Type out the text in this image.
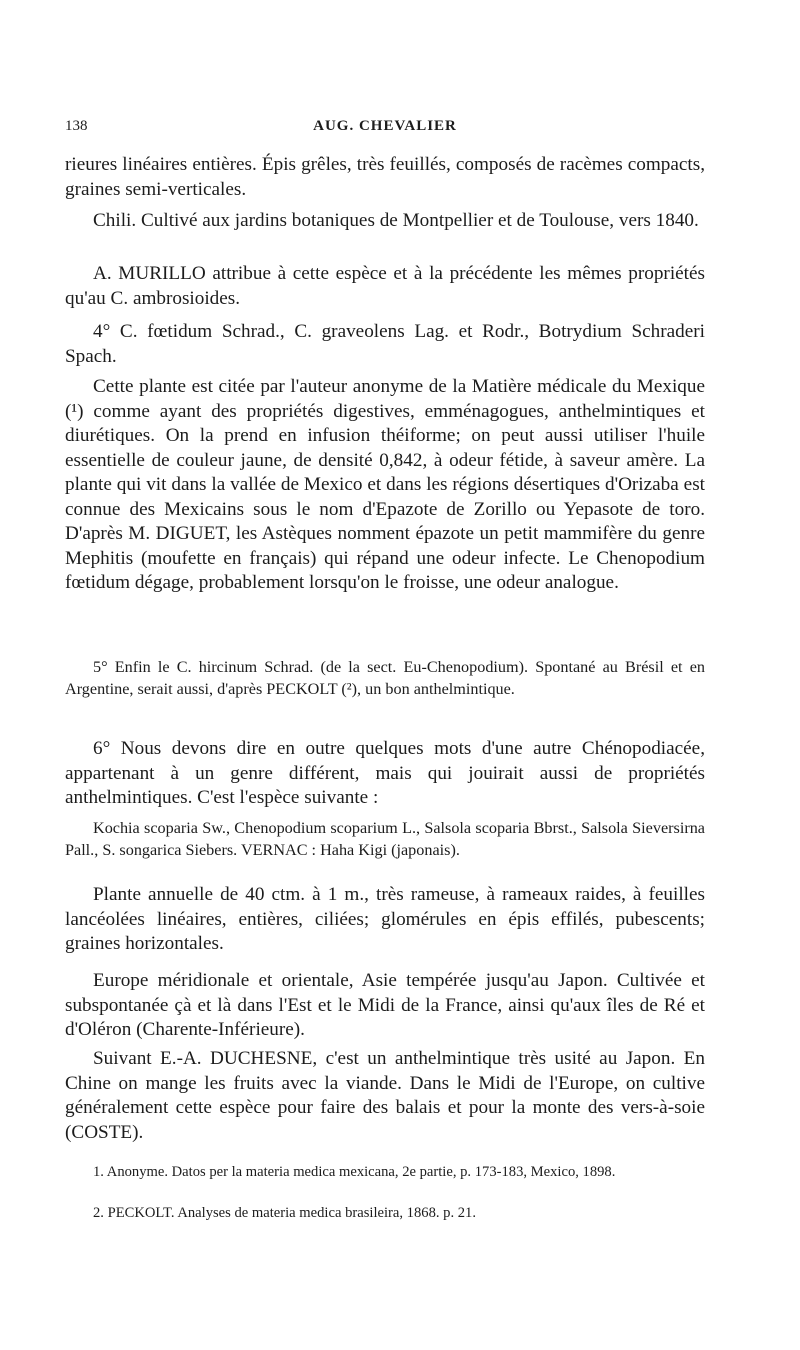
138	AUG. CHEVALIER

rieures linéaires entières. Épis grêles, très feuillés, composés de racèmes compacts, graines semi-verticales.

Chili. Cultivé aux jardins botaniques de Montpellier et de Toulouse, vers 1840.

A. MURILLO attribue à cette espèce et à la précédente les mêmes propriétés qu'au C. ambrosioides.

4° C. fœtidum Schrad., C. graveolens Lag. et Rodr., Botrydium Schraderi Spach.

Cette plante est citée par l'auteur anonyme de la Matière médicale du Mexique (¹) comme ayant des propriétés digestives, emménagogues, anthelmintiques et diurétiques. On la prend en infusion théiforme; on peut aussi utiliser l'huile essentielle de couleur jaune, de densité 0,842, à odeur fétide, à saveur amère. La plante qui vit dans la vallée de Mexico et dans les régions désertiques d'Orizaba est connue des Mexicains sous le nom d'Epazote de Zorillo ou Yepasote de toro. D'après M. DIGUET, les Astèques nomment épazote un petit mammifère du genre Mephitis (moufette en français) qui répand une odeur infecte. Le Chenopodium fœtidum dégage, probablement lorsqu'on le froisse, une odeur analogue.

5° Enfin le C. hircinum Schrad. (de la sect. Eu-Chenopodium). Spontané au Brésil et en Argentine, serait aussi, d'après PECKOLT (²), un bon anthelmintique.

6° Nous devons dire en outre quelques mots d'une autre Chénopodiacée, appartenant à un genre différent, mais qui jouirait aussi de propriétés anthelmintiques. C'est l'espèce suivante :

Kochia scoparia Sw., Chenopodium scoparium L., Salsola scoparia Bbrst., Salsola Sieversirna Pall., S. songarica Siebers. VERNAC : Haha Kigi (japonais).

Plante annuelle de 40 ctm. à 1 m., très rameuse, à rameaux raides, à feuilles lancéolées linéaires, entières, ciliées; glomérules en épis effilés, pubescents; graines horizontales.

Europe méridionale et orientale, Asie tempérée jusqu'au Japon. Cultivée et subspontanée çà et là dans l'Est et le Midi de la France, ainsi qu'aux îles de Ré et d'Oléron (Charente-Inférieure).

Suivant E.-A. DUCHESNE, c'est un anthelmintique très usité au Japon. En Chine on mange les fruits avec la viande. Dans le Midi de l'Europe, on cultive généralement cette espèce pour faire des balais et pour la monte des vers-à-soie (COSTE).

1. Anonyme. Datos per la materia medica mexicana, 2e partie, p. 173-183, Mexico, 1898.

2. PECKOLT. Analyses de materia medica brasileira, 1868. p. 21.
